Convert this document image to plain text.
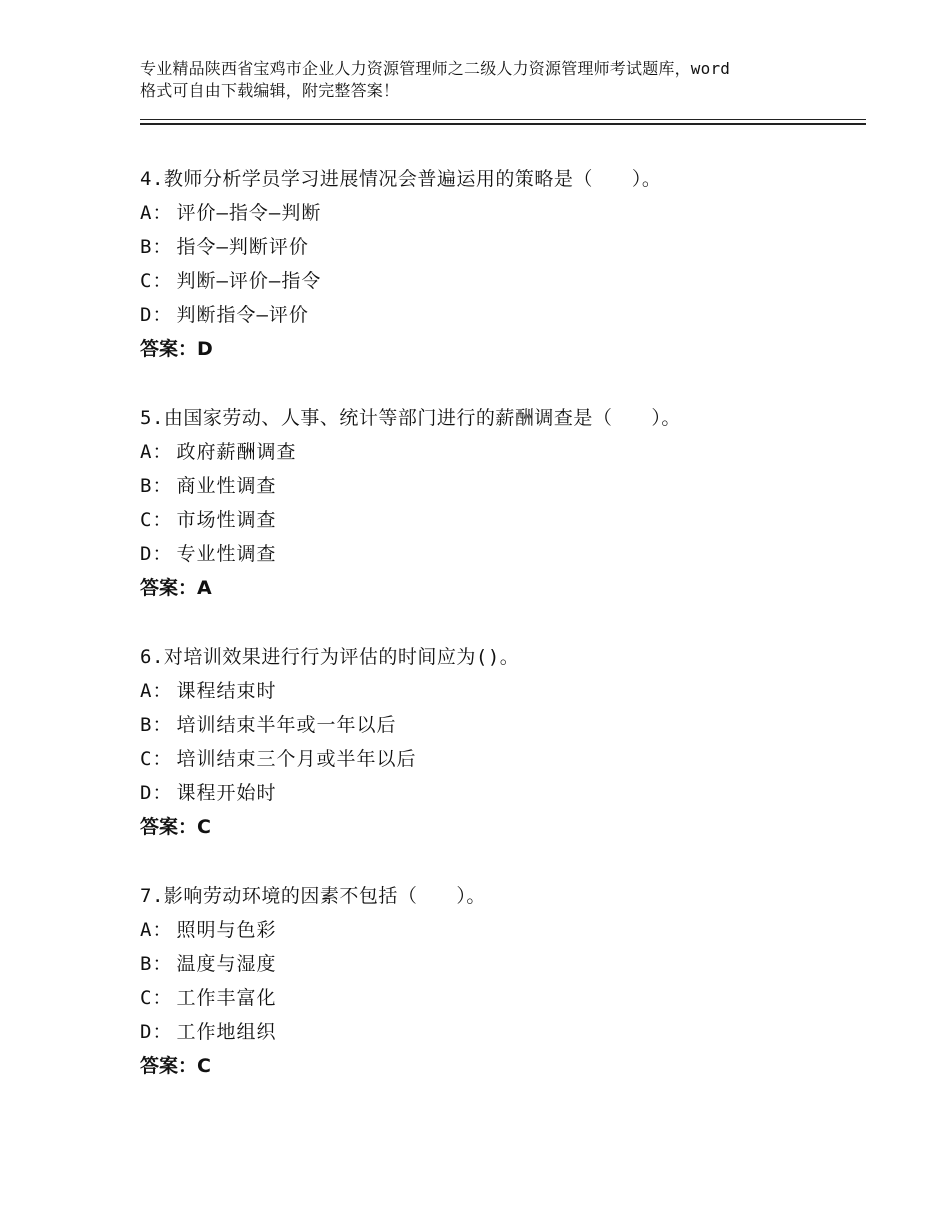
专业精品陕西省宝鸡市企业人力资源管理师之二级人力资源管理师考试题库，word
格式可自由下载编辑，附完整答案！
4.教师分析学员学习进展情况会普遍运用的策略是（　　）。
A： 评价—指令—判断
B： 指令—判断评价
C： 判断—评价—指令
D： 判断指令—评价
答案：D
5.由国家劳动、人事、统计等部门进行的薪酬调查是（　　）。
A： 政府薪酬调查
B： 商业性调查
C： 市场性调查
D： 专业性调查
答案：A
6.对培训效果进行行为评估的时间应为()。
A： 课程结束时
B： 培训结束半年或一年以后
C： 培训结束三个月或半年以后
D： 课程开始时
答案：C
7.影响劳动环境的因素不包括（　　）。
A： 照明与色彩
B： 温度与湿度
C： 工作丰富化
D： 工作地组织
答案：C
